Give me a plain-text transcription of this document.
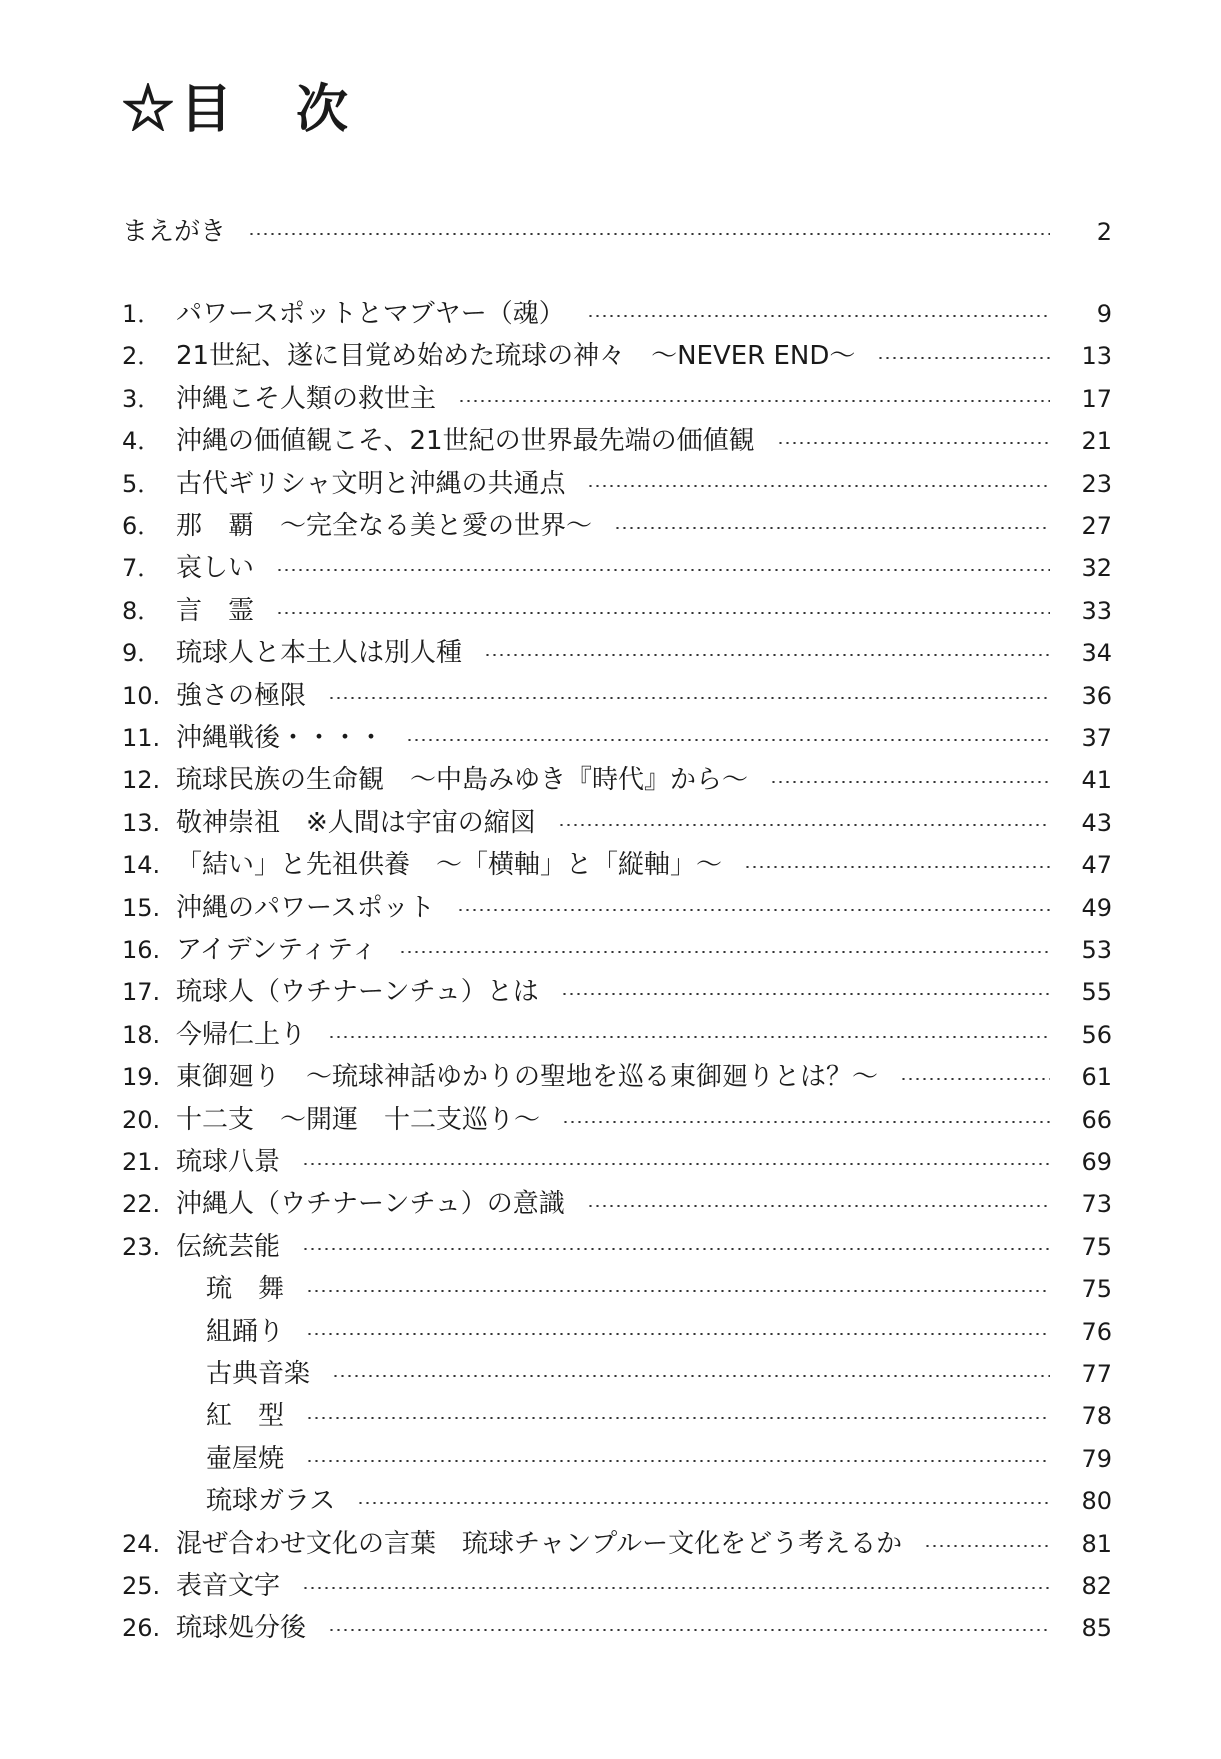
☆目　次
まえがき	2
1． パワースポットとマブヤー（魂）	9
2． 21世紀、遂に目覚め始めた琉球の神々　～NEVER END～	13
3． 沖縄こそ人類の救世主	17
4． 沖縄の価値観こそ、21世紀の世界最先端の価値観	21
5． 古代ギリシャ文明と沖縄の共通点	23
6． 那　覇　～完全なる美と愛の世界～	27
7． 哀しい	32
8． 言　霊	33
9． 琉球人と本土人は別人種	34
10. 強さの極限	36
11. 沖縄戦後・・・・	37
12. 琉球民族の生命観　～中島みゆき『時代』から～	41
13. 敬神崇祖　※人間は宇宙の縮図	43
14. 「結い」と先祖供養　～「横軸」と「縦軸」～	47
15. 沖縄のパワースポット	49
16. アイデンティティ	53
17. 琉球人（ウチナーンチュ）とは	55
18. 今帰仁上り	56
19. 東御廻り　～琉球神話ゆかりの聖地を巡る東御廻りとは？～	61
20. 十二支　～開運　十二支巡り～	66
21. 琉球八景	69
22. 沖縄人（ウチナーンチュ）の意識	73
23. 伝統芸能	75
琉　舞	75
組踊り	76
古典音楽	77
紅　型	78
壷屋焼	79
琉球ガラス	80
24. 混ぜ合わせ文化の言葉　琉球チャンプルー文化をどう考えるか	81
25. 表音文字	82
26. 琉球処分後	85
